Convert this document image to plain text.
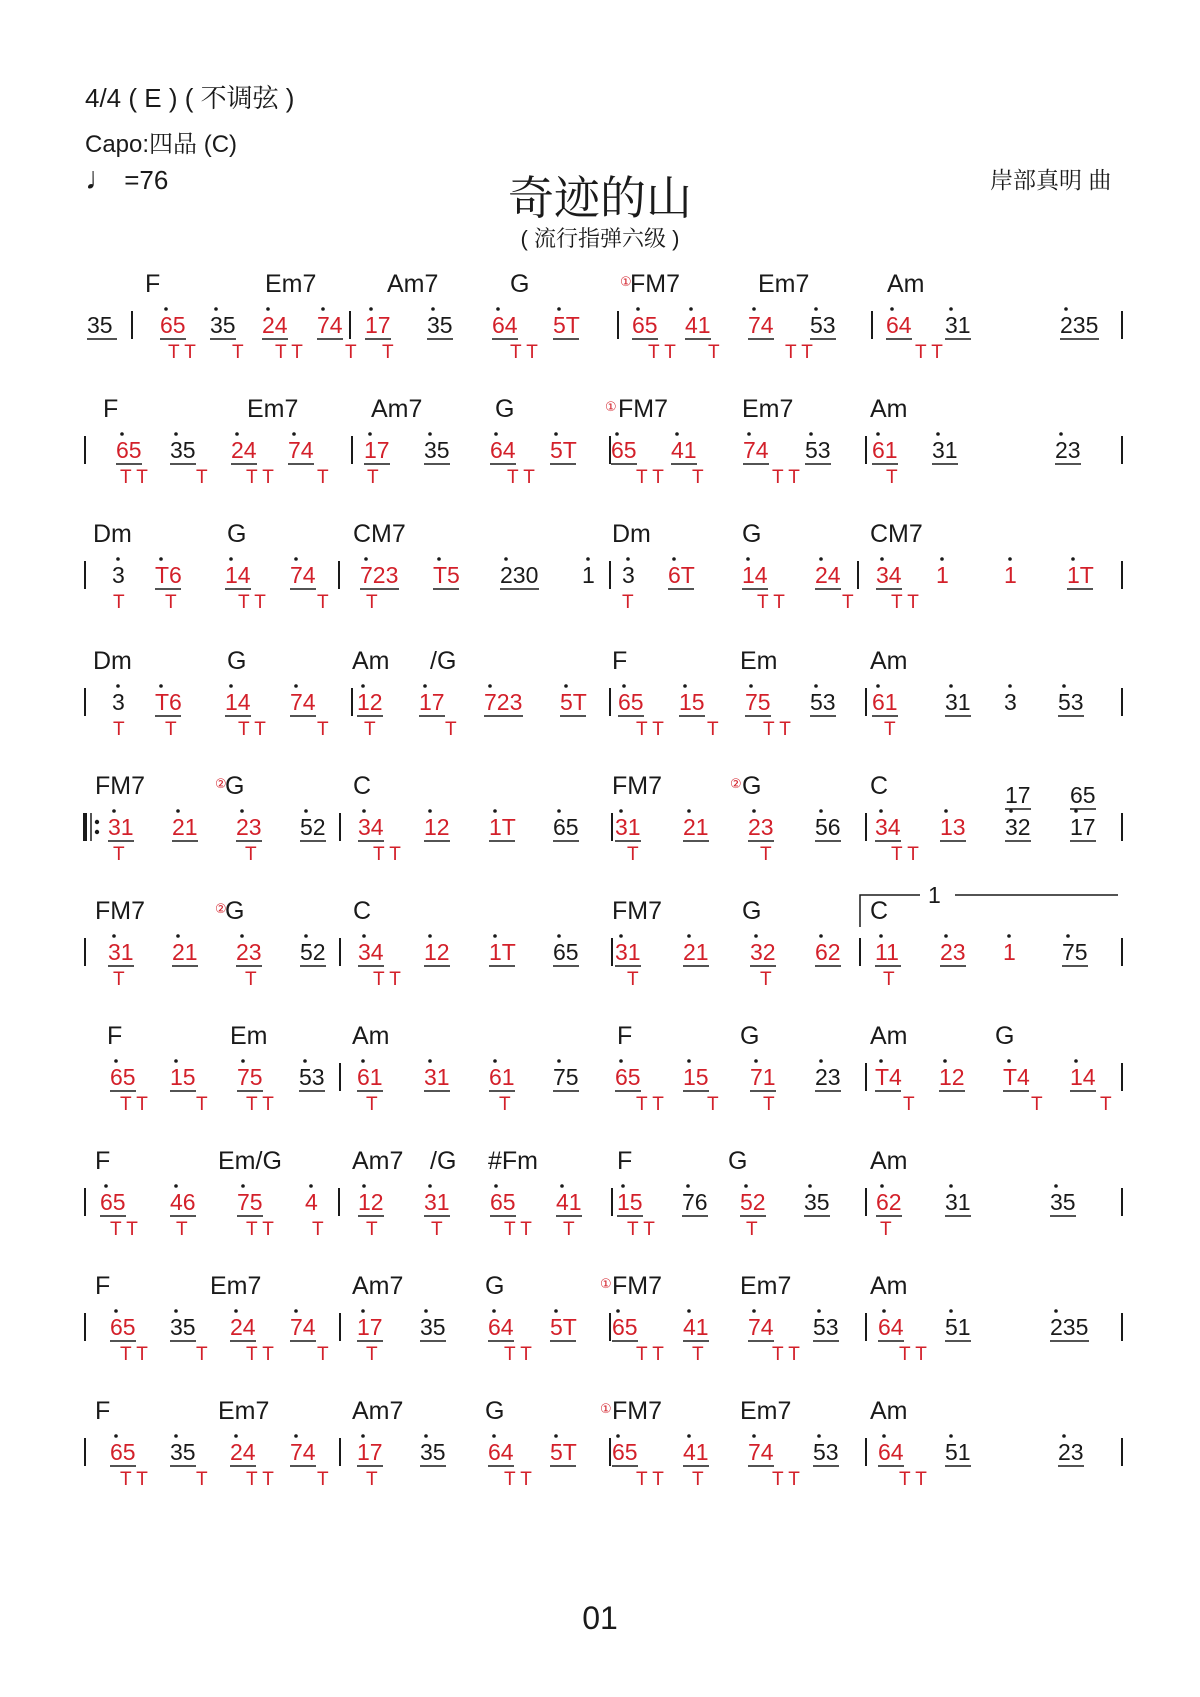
4/4 ( E ) ( 不调弦 )
Capo:四品 (C)
♩ =76	奇迹的山
( 流行指弹六级 )
岸部真明 曲
F	Em7	Am7	G	FM7	Em7	Am
①
35 65 35 24 74 17 35 64 5T 65 41 74 53 64 31	235
T T T T T T T	T T	T T T	T T	T T
F	Em7	Am7	G	FM7	Em7	Am
①
65 35 24 74 17 35 64 5T 65 41 74 53 61 31	23
T T	T T T T T	T T	T T T	T T	T
Dm	G	CM7	Dm	G	CM7
3 T6 14 74 723 T5 230 1 3 6T 14 24 34 1 1 1T
T T	T T	T T	T	T T	T T T
Dm	G	Am /G	F	Em	Am
3 T6 14 74 12 17 723 5T 65 15 75 53 61 31 3 53
T T	T T	T T	T	T T T T T	T
FM7	G	C	FM7	G	C
②	②
31 21 23 52 34 12 1T 65 31 21 23 56 34 13 32 17
17 65
T	T	T T	T	T	T T
FM7	G	C	FM7	G	C
②
1
31 21 23 52 34 12 1T 65 31 21 32 62 11 23 1 75
T	T	T T	T	T	T
F	Em	Am	F	G	Am	G
65 15 75 53 61 31 61 75 65 15 71 23 T4 12 T4 14
T T	T T T	T	T	T T T T	T	T	T
F	Em/G	Am7 /G #Fm	F	G	Am
65 46 75 4 12 31 65 41 15 76 52 35 62 31	35
T T T	T T T T	T	T T T	T T	T	T
F	Em7	Am7	G	FM7	Em7	Am
①
65 35 24 74 17 35 64 5T 65 41 74 53 64 51	235
T T	T T T T T	T T	T T T	T T	T T
F	Em7	Am7	G	FM7	Em7	Am
①
65 35 24 74 17 35 64 5T 65 41 74 53 64 51	23
T T	T T T T T	T T	T T T	T T	T T
01
